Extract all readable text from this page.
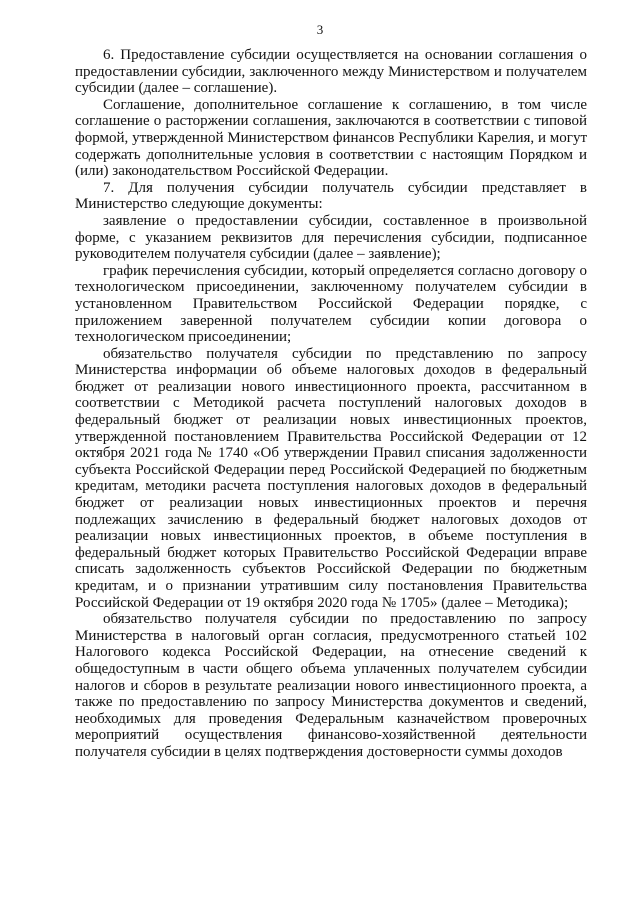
3

6. Предоставление субсидии осуществляется на основании соглашения о предоставлении субсидии, заключенного между Министерством и получателем субсидии (далее – соглашение).

Соглашение, дополнительное соглашение к соглашению, в том числе соглашение о расторжении соглашения, заключаются в соответствии с типовой формой, утвержденной Министерством финансов Республики Карелия, и могут содержать дополнительные условия в соответствии с настоящим Порядком и (или) законодательством Российской Федерации.

7. Для получения субсидии получатель субсидии представляет в Министерство следующие документы:

заявление о предоставлении субсидии, составленное в произвольной форме, с указанием реквизитов для перечисления субсидии, подписанное руководителем получателя субсидии (далее – заявление);

график перечисления субсидии, который определяется согласно договору о технологическом присоединении, заключенному получателем субсидии в установленном Правительством Российской Федерации порядке, с приложением заверенной получателем субсидии копии договора о технологическом присоединении;

обязательство получателя субсидии по представлению по запросу Министерства информации об объеме налоговых доходов в федеральный бюджет от реализации нового инвестиционного проекта, рассчитанном в соответствии с Методикой расчета поступлений налоговых доходов в федеральный бюджет от реализации новых инвестиционных проектов, утвержденной постановлением Правительства Российской Федерации от 12 октября 2021 года № 1740 «Об утверждении Правил списания задолженности субъекта Российской Федерации перед Российской Федерацией по бюджетным кредитам, методики расчета поступления налоговых доходов в федеральный бюджет от реализации новых инвестиционных проектов и перечня подлежащих зачислению в федеральный бюджет налоговых доходов от реализации новых инвестиционных проектов, в объеме поступления в федеральный бюджет которых Правительство Российской Федерации вправе списать задолженность субъектов Российской Федерации по бюджетным кредитам, и о признании утратившим силу постановления Правительства Российской Федерации от 19 октября 2020 года № 1705» (далее – Методика);

обязательство получателя субсидии по предоставлению по запросу Министерства в налоговый орган согласия, предусмотренного статьей 102 Налогового кодекса Российской Федерации, на отнесение сведений к общедоступным в части общего объема уплаченных получателем субсидии налогов и сборов в результате реализации нового инвестиционного проекта, а также по предоставлению по запросу Министерства документов и сведений, необходимых для проведения Федеральным казначейством проверочных мероприятий осуществления финансово-хозяйственной деятельности получателя субсидии в целях подтверждения достоверности суммы доходов
